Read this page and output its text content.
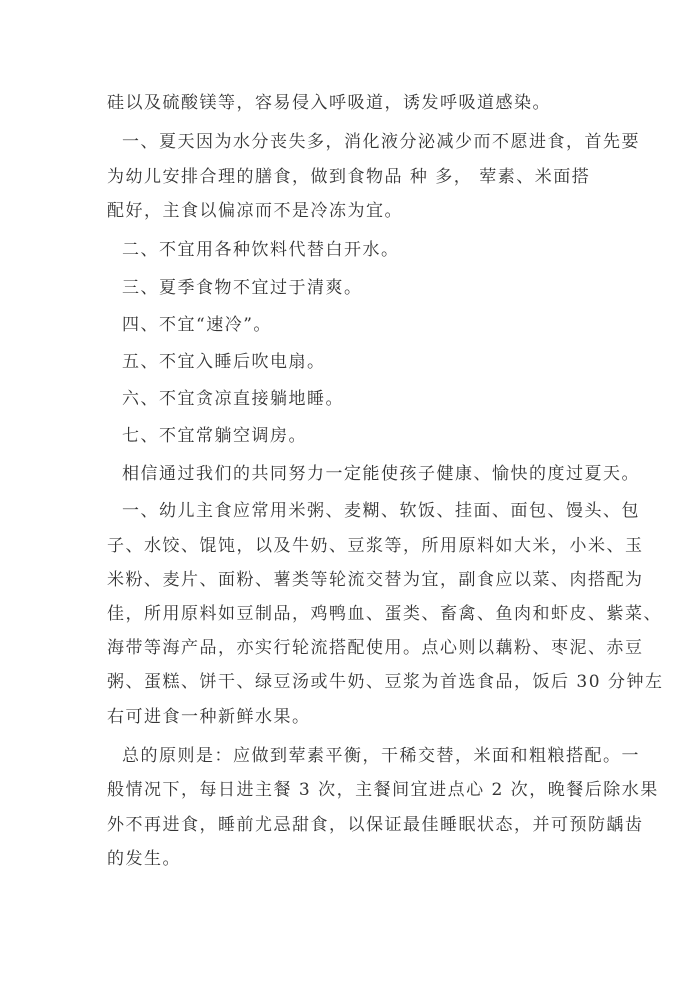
硅以及硫酸镁等，容易侵入呼吸道，诱发呼吸道感染。
一、夏天因为水分丧失多，消化液分泌减少而不愿进食，首先要
为幼儿安排合理的膳食，做到食物品 种 多， 荤素、米面搭
配好，主食以偏凉而不是冷冻为宜。
二、不宜用各种饮料代替白开水。
三、夏季食物不宜过于清爽。
四、不宜“速冷”。
五、不宜入睡后吹电扇。
六、不宜贪凉直接躺地睡。
七、不宜常躺空调房。
相信通过我们的共同努力一定能使孩子健康、愉快的度过夏天。
一、幼儿主食应常用米粥、麦糊、软饭、挂面、面包、馒头、包
子、水饺、馄饨，以及牛奶、豆浆等，所用原料如大米，小米、玉
米粉、麦片、面粉、薯类等轮流交替为宜，副食应以菜、肉搭配为
佳，所用原料如豆制品，鸡鸭血、蛋类、畜禽、鱼肉和虾皮、紫菜、
海带等海产品，亦实行轮流搭配使用。点心则以藕粉、枣泥、赤豆
粥、蛋糕、饼干、绿豆汤或牛奶、豆浆为首选食品，饭后 30 分钟左
右可进食一种新鲜水果。
总的原则是：应做到荤素平衡，干稀交替，米面和粗粮搭配。一
般情况下，每日进主餐 3 次，主餐间宜进点心 2 次，晚餐后除水果
外不再进食，睡前尤忌甜食，以保证最佳睡眠状态，并可预防龋齿
的发生。
